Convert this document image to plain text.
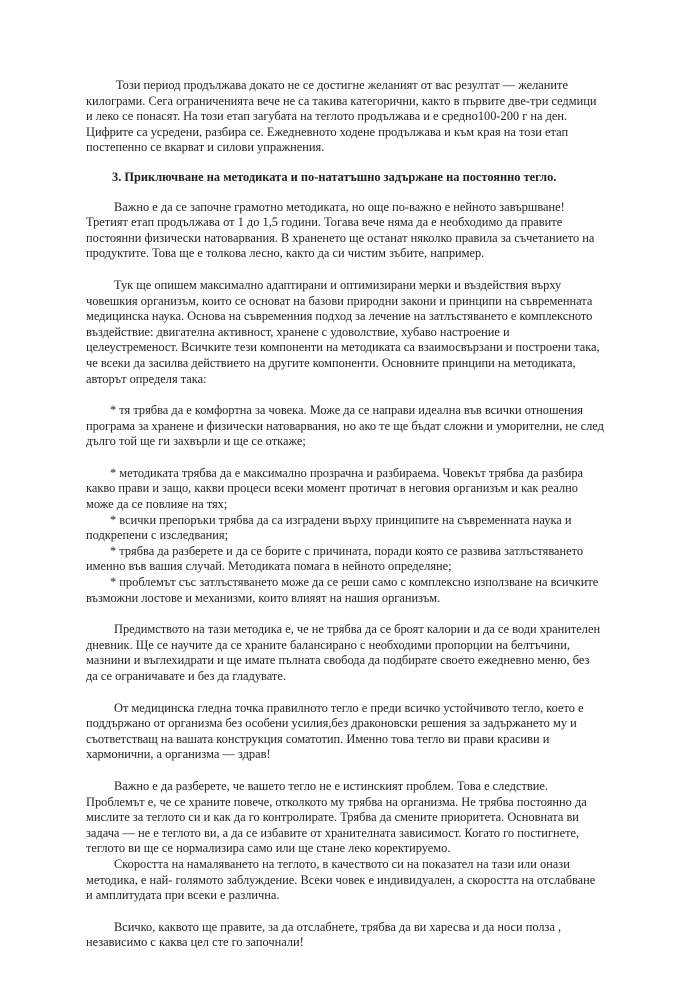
Този период продължава докато не се достигне желаният от вас резултат — желаните килограми. Сега ограниченията вече не са такива категорични, както в първите две-три седмици и леко се понасят. На този етап загубата на теглото продължава и е средно100-200 г на ден. Цифрите са усредени, разбира се. Ежедневното ходене продължава и към края на този етап постепенно се вкарват и силови упражнения.

3. Приключване на методиката и по-нататъшно задържане на постоянно тегло.

Важно е да се започне грамотно методиката, но още по-важно е нейното завършване! Третият етап продължава от 1 до 1,5 години. Тогава вече няма да е необходимо да правите постоянни физически натоварвания. В храненето ще останат няколко правила за съчетанието на продуктите. Това ще е толкова лесно, както да си чистим зъбите, например.

Тук ще опишем максимално адаптирани и оптимизирани мерки и въздействия върху човешкия организъм, които се основат на базови природни закони и принципи на съвременната медицинска наука. Основа на съвременния подход за лечение на затлъстяването е комплексното въздействие: двигателна активност, хранене с удоволствие, хубаво настроение и целеустременост. Всичките тези компоненти на методиката са взаимосвързани и построени така, че всеки да засилва действието на другите компоненти. Основните принципи на методиката, авторът определя така:

* тя трябва да е комфортна за човека. Може да се направи идеална във всички отношения програма за хранене и физически натоварвания, но ако те ще бъдат сложни и уморителни, не след дълго той ще ги захвърли и ще се откаже;

* методиката трябва да е максимално прозрачна и разбираема. Човекът трябва да разбира какво прави и защо, какви процеси всеки момент протичат в неговия организъм и как реално може да се повлияе на тях;

* всички препоръки трябва да са изградени върху принципите на съвременната наука и подкрепени с изследвания;

* трябва да разберете и да се борите с причината, поради която се развива затлъстяването именно във вашия случай. Методиката помага в нейното определяне;

* проблемът със затлъстяването може да се реши само с комплексно използване на всичките възможни лостове и механизми, които влияят на нашия организъм.

Предимството на тази методика е, че не трябва да се броят калории и да се води хранителен дневник. Ще се научите да се храните балансирано с необходими пропорции на белтъчини, мазнини и въглехидрати и ще имате пълната свобода да подбирате своето ежедневно меню, без да се ограничавате и без да гладувате.

От медицинска гледна точка правилното тегло е преди всичко устойчивото тегло, което е поддържано от организма без особени усилия,без драконовски решения за задържането му и съответстващ на вашата конструкция соматотип. Именно това тегло ви прави красиви и хармонични, а организма — здрав!

Важно е да разберете, че вашето тегло не е истинският проблем. Това е следствие. Проблемът е, че се храните повече, отколкото му трябва на организма. Не трябва постоянно да мислите за теглото си и как да го контролирате. Трябва да смените приоритета. Основната ви задача — не е теглото ви, а да се избавите от хранителната зависимост. Когато го постигнете, теглото ви ще се нормализира само или ще стане леко коректируемо.

Скоростта на намаляването на теглото, в качеството си на показател на тази или онази методика, е най- голямото заблуждение. Всеки човек е индивидуален, а скоростта на отслабване и амплитудата при всеки е различна.

Всичко, каквото ще правите, за да отслабнете, трябва да ви харесва и да носи полза , независимо с каква цел сте го започнали!
